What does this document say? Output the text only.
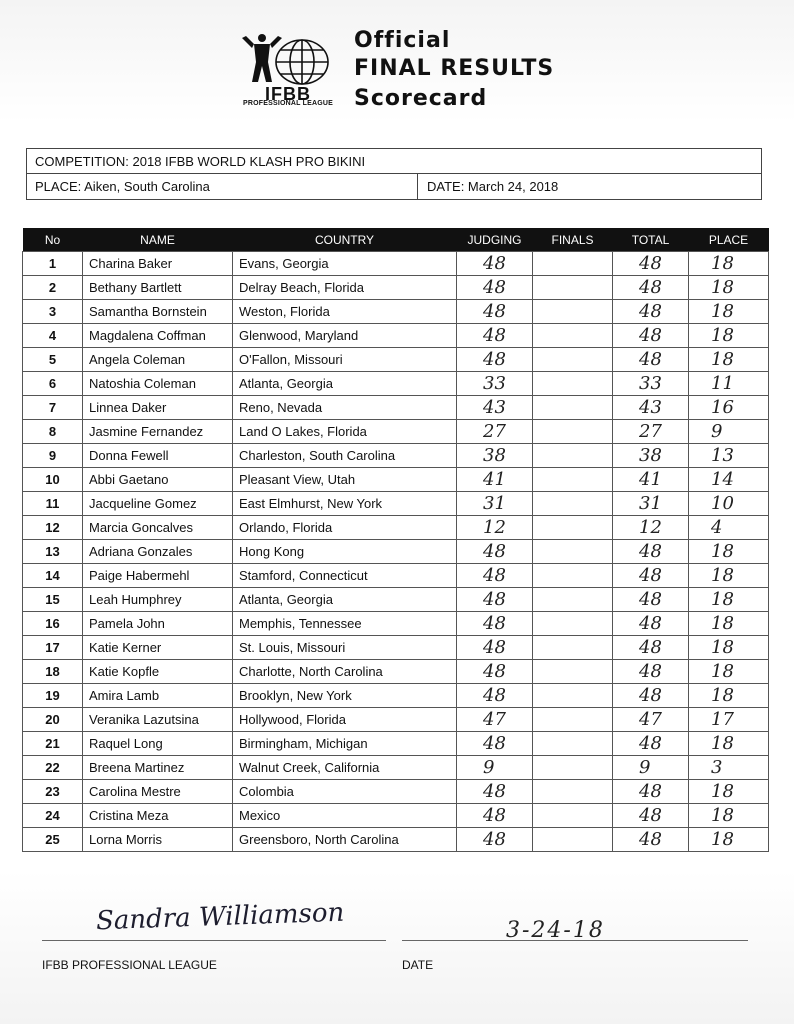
IFBB
PROFESSIONAL LEAGUE
Official
FINAL RESULTS
Scorecard
COMPETITION: 2018 IFBB WORLD KLASH PRO BIKINI
PLACE: Aiken, South Carolina	DATE: March 24, 2018
No	NAME	COUNTRY	JUDGING	FINALS	TOTAL	PLACE
1	Charina Baker	Evans, Georgia	48		48	18
2	Bethany Bartlett	Delray Beach, Florida	48		48	18
3	Samantha Bornstein	Weston, Florida	48		48	18
4	Magdalena Coffman	Glenwood, Maryland	48		48	18
5	Angela Coleman	O'Fallon, Missouri	48		48	18
6	Natoshia Coleman	Atlanta, Georgia	33		33	11
7	Linnea Daker	Reno, Nevada	43		43	16
8	Jasmine Fernandez	Land O Lakes, Florida	27		27	9
9	Donna Fewell	Charleston, South Carolina	38		38	13
10	Abbi Gaetano	Pleasant View, Utah	41		41	14
11	Jacqueline Gomez	East Elmhurst, New York	31		31	10
12	Marcia Goncalves	Orlando, Florida	12		12	4
13	Adriana Gonzales	Hong Kong	48		48	18
14	Paige Habermehl	Stamford, Connecticut	48		48	18
15	Leah Humphrey	Atlanta, Georgia	48		48	18
16	Pamela John	Memphis, Tennessee	48		48	18
17	Katie Kerner	St. Louis, Missouri	48		48	18
18	Katie Kopfle	Charlotte, North Carolina	48		48	18
19	Amira Lamb	Brooklyn, New York	48		48	18
20	Veranika Lazutsina	Hollywood, Florida	47		47	17
21	Raquel Long	Birmingham, Michigan	48		48	18
22	Breena Martinez	Walnut Creek, California	9		9	3
23	Carolina Mestre	Colombia	48		48	18
24	Cristina Meza	Mexico	48		48	18
25	Lorna Morris	Greensboro, North Carolina	48		48	18
Sandra Williamson	3-24-18
IFBB PROFESSIONAL LEAGUE	DATE
